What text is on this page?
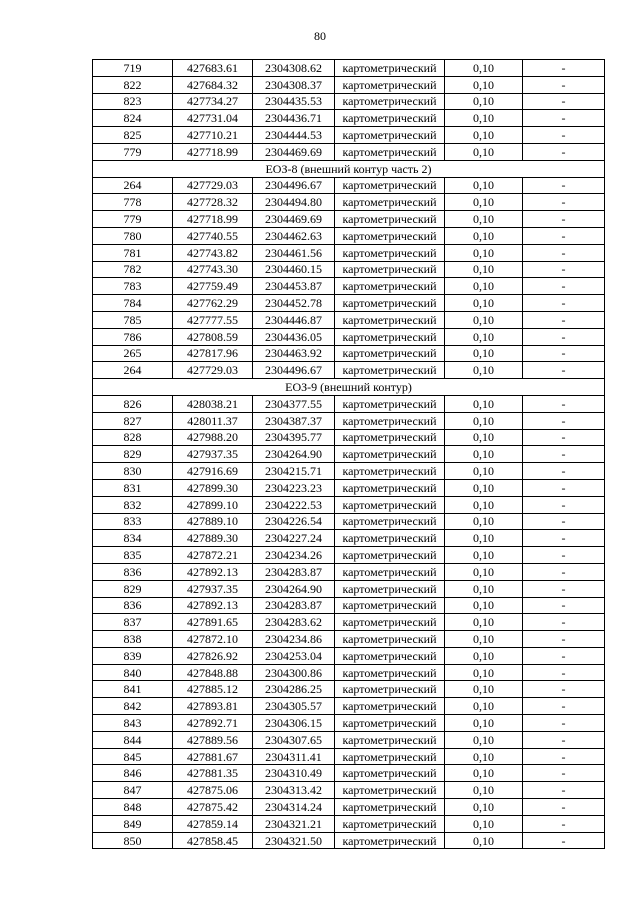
80
719	427683.61	2304308.62	картометрический	0,10	-
822	427684.32	2304308.37	картометрический	0,10	-
823	427734.27	2304435.53	картометрический	0,10	-
824	427731.04	2304436.71	картометрический	0,10	-
825	427710.21	2304444.53	картометрический	0,10	-
779	427718.99	2304469.69	картометрический	0,10	-
ЕОЗ-8 (внешний контур часть 2)					
264	427729.03	2304496.67	картометрический	0,10	-
778	427728.32	2304494.80	картометрический	0,10	-
779	427718.99	2304469.69	картометрический	0,10	-
780	427740.55	2304462.63	картометрический	0,10	-
781	427743.82	2304461.56	картометрический	0,10	-
782	427743.30	2304460.15	картометрический	0,10	-
783	427759.49	2304453.87	картометрический	0,10	-
784	427762.29	2304452.78	картометрический	0,10	-
785	427777.55	2304446.87	картометрический	0,10	-
786	427808.59	2304436.05	картометрический	0,10	-
265	427817.96	2304463.92	картометрический	0,10	-
264	427729.03	2304496.67	картометрический	0,10	-
ЕОЗ-9 (внешний контур)					
826	428038.21	2304377.55	картометрический	0,10	-
827	428011.37	2304387.37	картометрический	0,10	-
828	427988.20	2304395.77	картометрический	0,10	-
829	427937.35	2304264.90	картометрический	0,10	-
830	427916.69	2304215.71	картометрический	0,10	-
831	427899.30	2304223.23	картометрический	0,10	-
832	427899.10	2304222.53	картометрический	0,10	-
833	427889.10	2304226.54	картометрический	0,10	-
834	427889.30	2304227.24	картометрический	0,10	-
835	427872.21	2304234.26	картометрический	0,10	-
836	427892.13	2304283.87	картометрический	0,10	-
829	427937.35	2304264.90	картометрический	0,10	-
836	427892.13	2304283.87	картометрический	0,10	-
837	427891.65	2304283.62	картометрический	0,10	-
838	427872.10	2304234.86	картометрический	0,10	-
839	427826.92	2304253.04	картометрический	0,10	-
840	427848.88	2304300.86	картометрический	0,10	-
841	427885.12	2304286.25	картометрический	0,10	-
842	427893.81	2304305.57	картометрический	0,10	-
843	427892.71	2304306.15	картометрический	0,10	-
844	427889.56	2304307.65	картометрический	0,10	-
845	427881.67	2304311.41	картометрический	0,10	-
846	427881.35	2304310.49	картометрический	0,10	-
847	427875.06	2304313.42	картометрический	0,10	-
848	427875.42	2304314.24	картометрический	0,10	-
849	427859.14	2304321.21	картометрический	0,10	-
850	427858.45	2304321.50	картометрический	0,10	-
